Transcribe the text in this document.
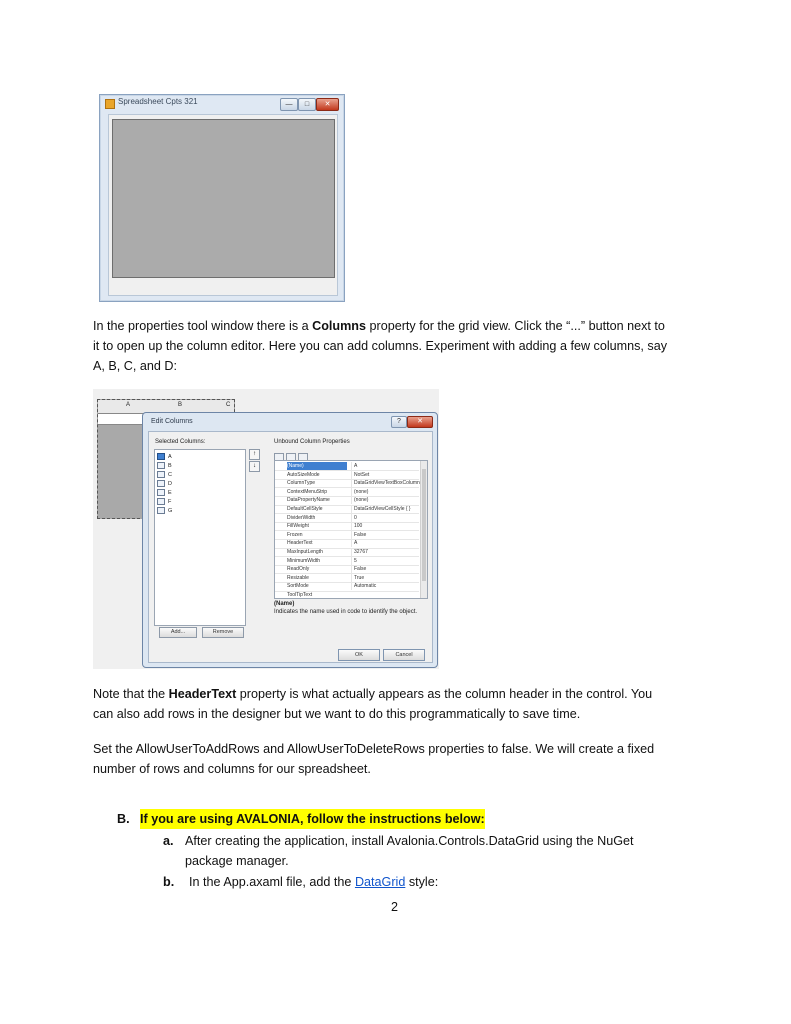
Spreadsheet Cpts 321	—	□	✕
In the properties tool window there is a Columns property for the grid view. Click the “...” button next to
it to open up the column editor. Here you can add columns. Experiment with adding a few columns, say
A, B, C, and D:
A	B	C
Edit Columns	?	✕
Selected Columns:
A
B
C
D
E
F
G
↑
↓
Add...	Remove
Unbound Column Properties
(Name)	A
AutoSizeMode	NotSet
ColumnType	DataGridViewTextBoxColumn
ContextMenuStrip	(none)
DataPropertyName	(none)
DefaultCellStyle	DataGridViewCellStyle { }
DividerWidth	0
FillWeight	100
Frozen	False
HeaderText	A
MaxInputLength	32767
MinimumWidth	5
ReadOnly	False
Resizable	True
SortMode	Automatic
ToolTipText
(Name)
Indicates the name used in code to identify the object.
OK	Cancel
Note that the HeaderText property is what actually appears as the column header in the control. You
can also add rows in the designer but we want to do this programmatically to save time.
Set the AllowUserToAddRows and AllowUserToDeleteRows properties to false. We will create a fixed
number of rows and columns for our spreadsheet.
B. If you are using AVALONIA, follow the instructions below:
a. After creating the application, install Avalonia.Controls.DataGrid using the NuGet
package manager.
b. In the App.axaml file, add the DataGrid style:
2
